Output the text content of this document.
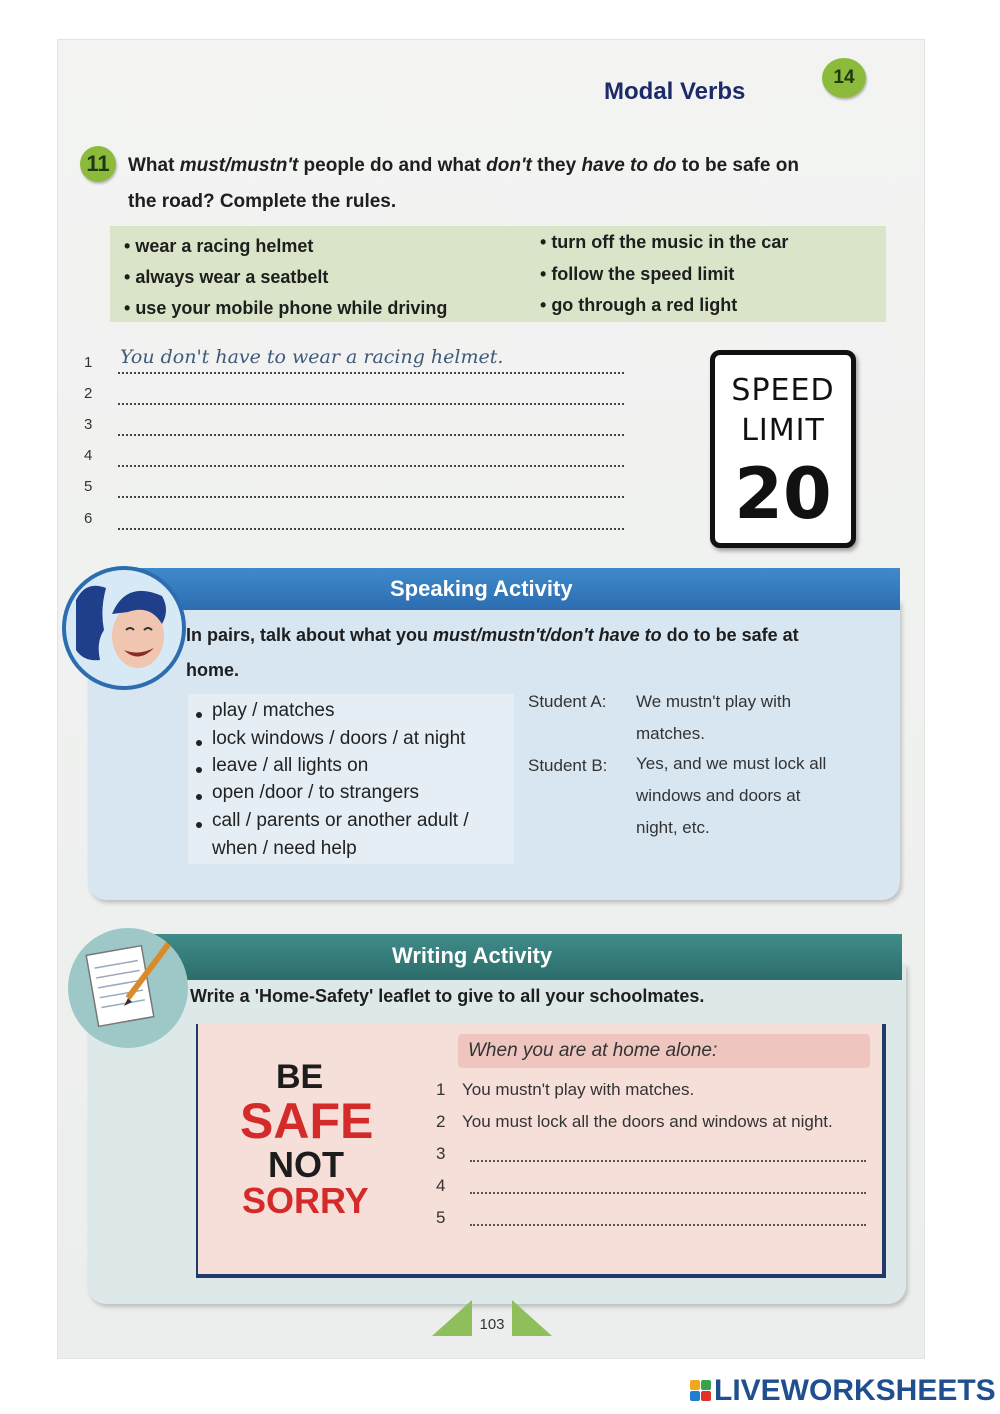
Modal Verbs
14
11 What must/mustn't people do and what don't they have to do to be safe on
the road? Complete the rules.
• wear a racing helmet
• always wear a seatbelt
• use your mobile phone while driving
• turn off the music in the car
• follow the speed limit
• go through a red light
1	You don't have to wear a racing helmet.
2
3
4
5
6
SPEED
LIMIT
20
Speaking Activity
In pairs, talk about what you must/mustn't/don't have to do to be safe at
home.
play / matches
lock windows / doors / at night
leave / all lights on
open /door / to strangers
call / parents or another adult /
when / need help
Student A: We mustn't play with
matches.
Student B: Yes, and we must lock all
windows and doors at
night, etc.
Writing Activity
Write a 'Home-Safety' leaflet to give to all your schoolmates.
BE
SAFE
NOT
SORRY
When you are at home alone:
1 You mustn't play with matches.
2 You must lock all the doors and windows at night.
3
4
5
103
LIVEWORKSHEETS
